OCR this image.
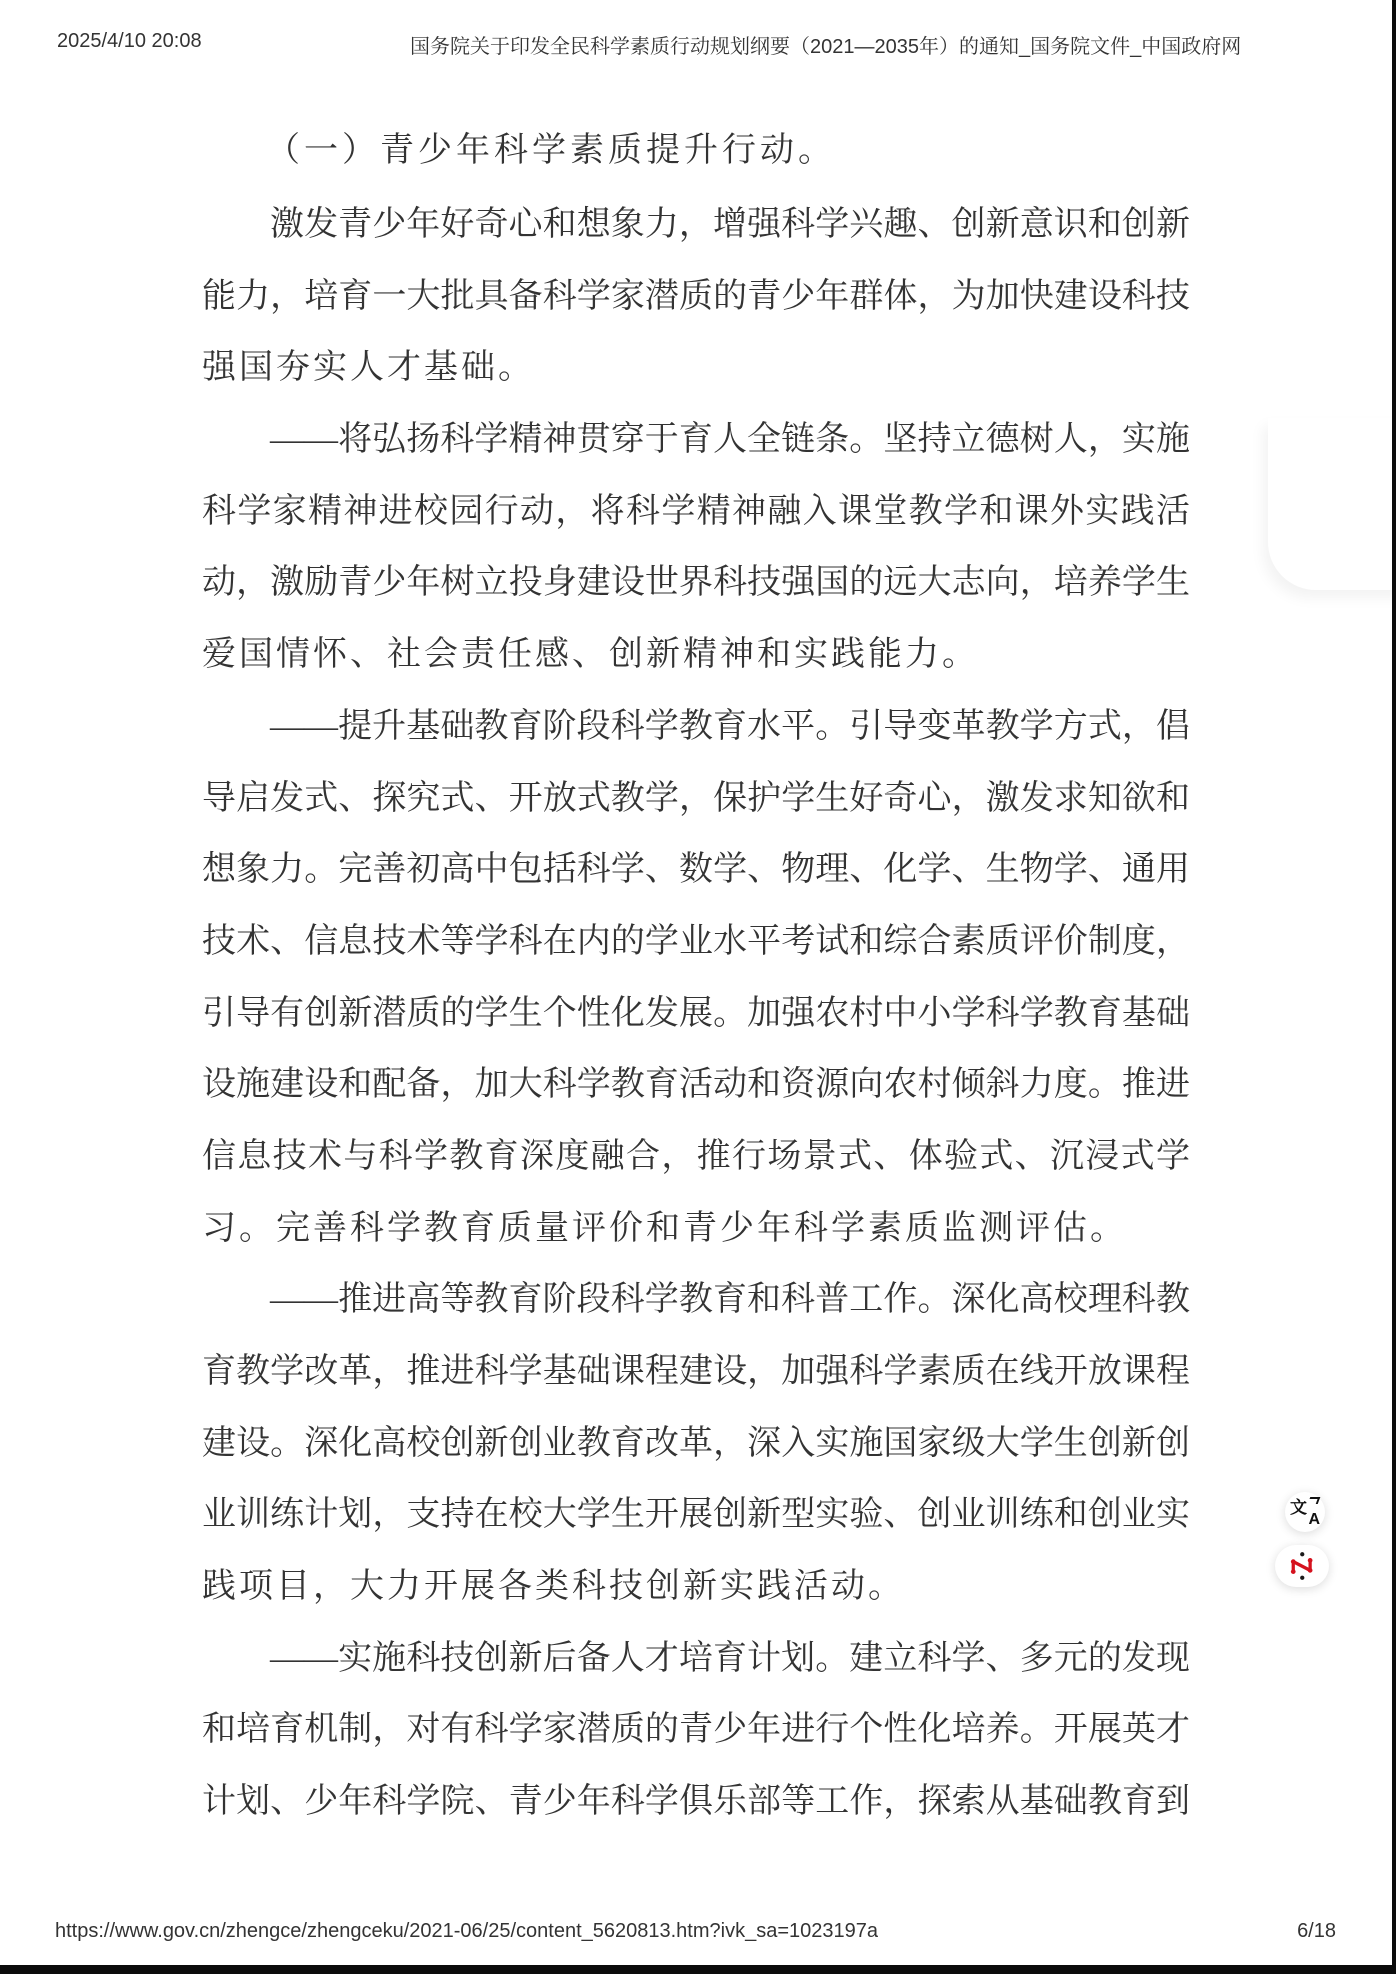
2025/4/10 20:08	国务院关于印发全民科学素质行动规划纲要（2021—2035年）的通知_国务院文件_中国政府网
（一）青少年科学素质提升行动。
激发青少年好奇心和想象力，增强科学兴趣、创新意识和创新
能力，培育一大批具备科学家潜质的青少年群体，为加快建设科技
强国夯实人才基础。
——将弘扬科学精神贯穿于育人全链条。坚持立德树人，实施
科学家精神进校园行动，将科学精神融入课堂教学和课外实践活
动，激励青少年树立投身建设世界科技强国的远大志向，培养学生
爱国情怀、社会责任感、创新精神和实践能力。
——提升基础教育阶段科学教育水平。引导变革教学方式，倡
导启发式、探究式、开放式教学，保护学生好奇心，激发求知欲和
想象力。完善初高中包括科学、数学、物理、化学、生物学、通用
技术、信息技术等学科在内的学业水平考试和综合素质评价制度，
引导有创新潜质的学生个性化发展。加强农村中小学科学教育基础
设施建设和配备，加大科学教育活动和资源向农村倾斜力度。推进
信息技术与科学教育深度融合，推行场景式、体验式、沉浸式学
习。完善科学教育质量评价和青少年科学素质监测评估。
——推进高等教育阶段科学教育和科普工作。深化高校理科教
育教学改革，推进科学基础课程建设，加强科学素质在线开放课程
建设。深化高校创新创业教育改革，深入实施国家级大学生创新创
业训练计划，支持在校大学生开展创新型实验、创业训练和创业实
践项目，大力开展各类科技创新实践活动。
——实施科技创新后备人才培育计划。建立科学、多元的发现
和培育机制，对有科学家潜质的青少年进行个性化培养。开展英才
计划、少年科学院、青少年科学俱乐部等工作，探索从基础教育到
文
A
https://www.gov.cn/zhengce/zhengceku/2021-06/25/content_5620813.htm?ivk_sa=1023197a	6/18
